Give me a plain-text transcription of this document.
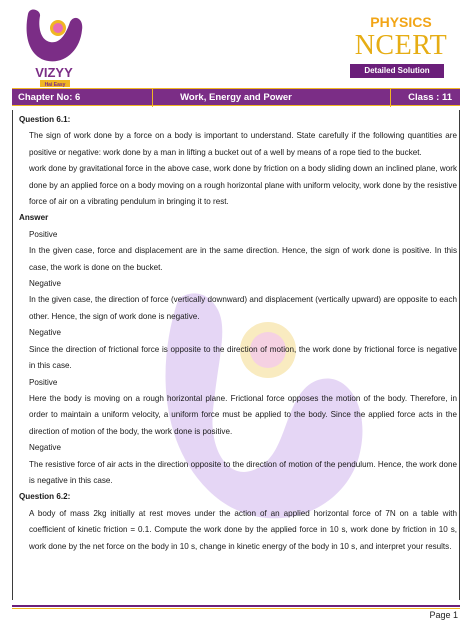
VIZYY
Hai Easy
PHYSICS
NCERT
Detailed Solution
Chapter No: 6	Work, Energy and Power	Class : 11
Question 6.1:
The sign of work done by a force on a body is important to understand. State carefully if the following quantities are positive or negative: work done by a man in lifting a bucket out of a well by means of a rope tied to the bucket.
work done by gravitational force in the above case, work done by friction on a body sliding down an inclined plane, work done by an applied force on a body moving on a rough horizontal plane with uniform velocity, work done by the resistive force of air on a vibrating pendulum in bringing it to rest.
Answer
Positive
In the given case, force and displacement are in the same direction. Hence, the sign of work done is positive. In this case, the work is done on the bucket.
Negative
In the given case, the direction of force (vertically downward) and displacement (vertically upward) are opposite to each other. Hence, the sign of work done is negative.
Negative
Since the direction of frictional force is opposite to the direction of motion, the work done by frictional force is negative in this case.
Positive
Here the body is moving on a rough horizontal plane. Frictional force opposes the motion of the body. Therefore, in order to maintain a uniform velocity, a uniform force must be applied to the body. Since the applied force acts in the direction of motion of the body, the work done is positive.
Negative
The resistive force of air acts in the direction opposite to the direction of motion of the pendulum. Hence, the work done is negative in this case.
Question 6.2:
A body of mass 2kg initially at rest moves under the action of an applied horizontal force of 7N on a table with coefficient of kinetic friction = 0.1. Compute the work done by the applied force in 10 s, work done by friction in 10 s, work done by the net force on the body in 10 s, change in kinetic energy of the body in 10 s, and interpret your results.
Page 1
